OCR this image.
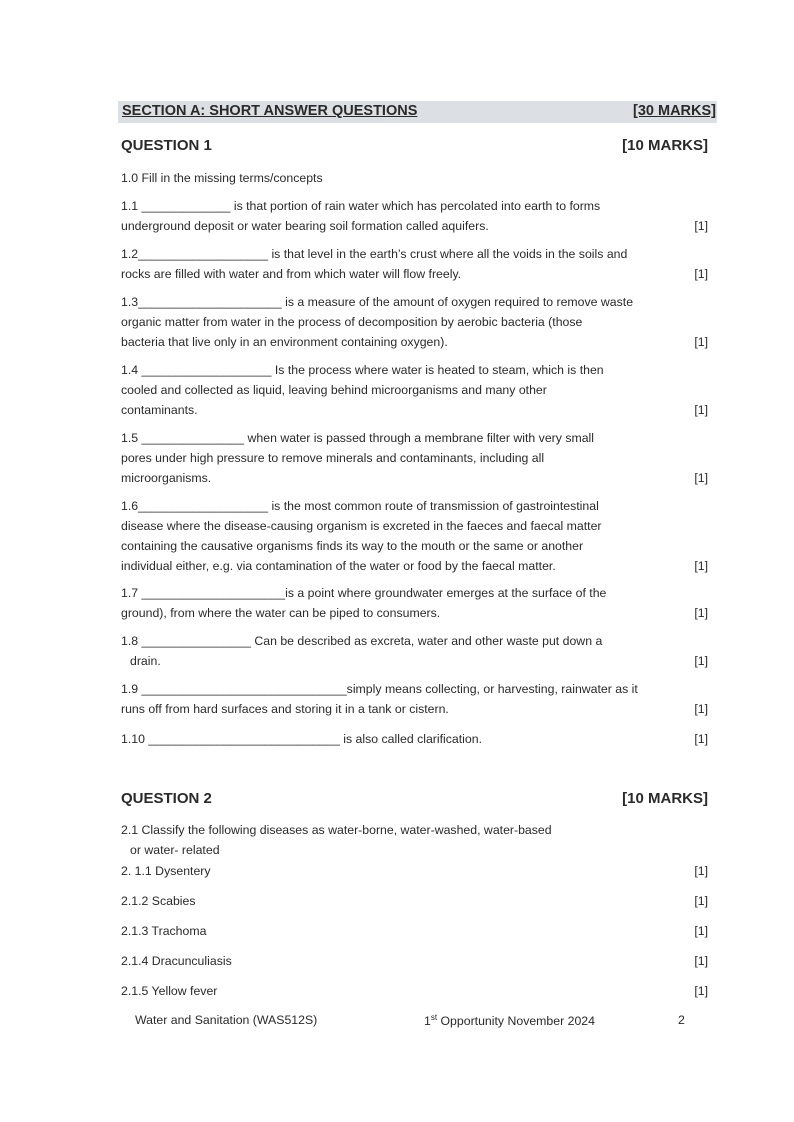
SECTION A: SHORT ANSWER QUESTIONS	[30 MARKS]
QUESTION 1	[10 MARKS]
1.0 Fill in the missing terms/concepts
1.1 _____________ is that portion of rain water which has percolated into earth to forms
underground deposit or water bearing soil formation called aquifers.	[1]
1.2___________________ is that level in the earth’s crust where all the voids in the soils and
rocks are filled with water and from which water will flow freely.	[1]
1.3_____________________ is a measure of the amount of oxygen required to remove waste
organic matter from water in the process of decomposition by aerobic bacteria (those
bacteria that live only in an environment containing oxygen).	[1]
1.4 ___________________ Is the process where water is heated to steam, which is then
cooled and collected as liquid, leaving behind microorganisms and many other
contaminants.	[1]
1.5 _______________ when water is passed through a membrane filter with very small
pores under high pressure to remove minerals and contaminants, including all
microorganisms.	[1]
1.6___________________ is the most common route of transmission of gastrointestinal
disease where the disease-causing organism is excreted in the faeces and faecal matter
containing the causative organisms finds its way to the mouth or the same or another
individual either, e.g. via contamination of the water or food by the faecal matter.	[1]
1.7 _____________________is a point where groundwater emerges at the surface of the
ground), from where the water can be piped to consumers.	[1]
1.8 ________________ Can be described as excreta, water and other waste put down a
drain.	[1]
1.9 ______________________________simply means collecting, or harvesting, rainwater as it
runs off from hard surfaces and storing it in a tank or cistern.	[1]
1.10 ____________________________ is also called clarification.	[1]
QUESTION 2	[10 MARKS]
2.1 Classify the following diseases as water-borne, water-washed, water-based
or water- related
2. 1.1 Dysentery	[1]
2.1.2 Scabies	[1]
2.1.3 Trachoma	[1]
2.1.4 Dracunculiasis	[1]
2.1.5 Yellow fever	[1]
Water and Sanitation (WAS512S)	1st Opportunity November 2024	2
